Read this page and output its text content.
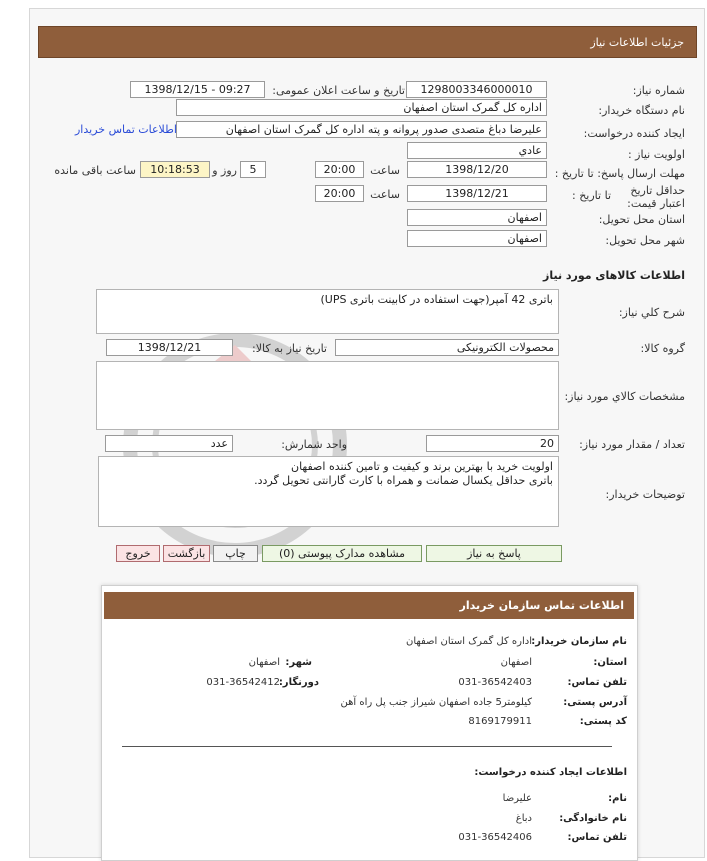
جزئیات اطلاعات نیاز
شماره نیاز:
1298003346000010
تاریخ و ساعت اعلان عمومی:
1398/12/15 - 09:27
نام دستگاه خریدار:
اداره کل گمرک استان اصفهان
ایجاد کننده درخواست:
علیرضا دباغ متصدی صدور پروانه و پته اداره کل گمرک استان اصفهان
اطلاعات تماس خریدار
اولویت نیاز :
عادي
مهلت ارسال پاسخ: تا تاریخ :
1398/12/20
ساعت
20:00
5
روز و
10:18:53
ساعت باقی مانده
حداقل تاریخ اعتبار قیمت:
تا تاریخ :
1398/12/21
ساعت
20:00
استان محل تحویل:
اصفهان
شهر محل تحویل:
اصفهان
اطلاعات کالاهای مورد نیاز
شرح کلي نياز:
باتری 42 آمپر(جهت استفاده در کابینت باتری UPS)
گروه کالا:
محصولات الکترونیکی
تاریخ نیاز به کالا:
1398/12/21
مشخصات کالاي مورد نياز:
تعداد / مقدار مورد نیاز:
20
واحد شمارش:
عدد
توضیحات خریدار:
اولویت خرید با بهترین برند و کیفیت و تامین کننده اصفهان
باتری حداقل یکسال ضمانت و همراه با کارت گارانتی تحویل گردد.
پاسخ به نیاز
مشاهده مدارک پیوستی (0)
چاپ
بازگشت
خروج
اطلاعات تماس سازمان خریدار
نام سازمان خریدار:
اداره کل گمرک استان اصفهان
استان:
اصفهان
شهر:
اصفهان
تلفن تماس:
031-36542403
دورنگار:
031-36542412
آدرس پستی:
کیلومتر5 جاده اصفهان شیراز جنب پل راه آهن
کد پستی:
8169179911
اطلاعات ایجاد کننده درخواست:
نام:
علیرضا
نام خانوادگی:
دباغ
تلفن تماس:
031-36542406
